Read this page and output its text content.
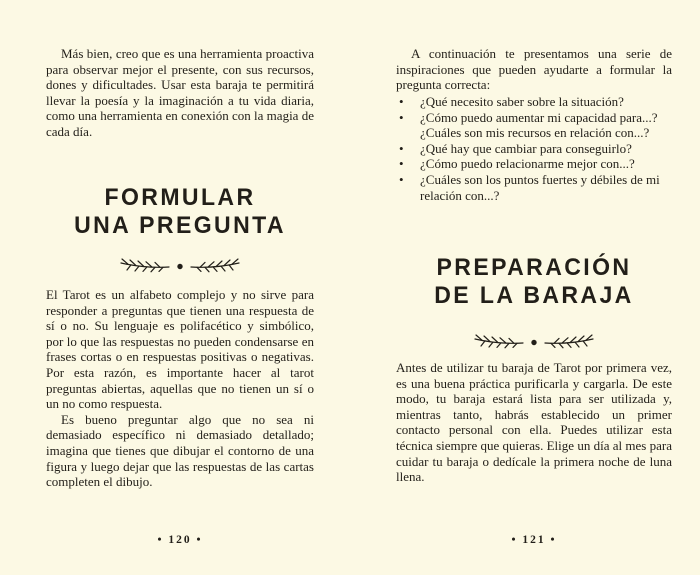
Más bien, creo que es una herramienta proactiva para observar mejor el presente, con sus recursos, dones y dificultades. Usar esta baraja te permitirá llevar la poesía y la imaginación a tu vida diaria, como una herramienta en conexión con la magia de cada día.

FORMULAR
UNA PREGUNTA

El Tarot es un alfabeto complejo y no sirve para responder a preguntas que tienen una respuesta de sí o no. Su lenguaje es polifacético y simbólico, por lo que las respuestas no pueden condensarse en frases cortas o en respuestas positivas o negativas. Por esta razón, es importante hacer al tarot preguntas abiertas, aquellas que no tienen un sí o un no como respuesta.

Es bueno preguntar algo que no sea ni demasiado específico ni demasiado detallado; imagina que tienes que dibujar el contorno de una figura y luego dejar que las respuestas de las cartas completen el dibujo.

• 120 •

A continuación te presentamos una serie de inspiraciones que pueden ayudarte a formular la pregunta correcta:

•	¿Qué necesito saber sobre la situación?
•	¿Cómo puedo aumentar mi capacidad para...? ¿Cuáles son mis recursos en relación con...?
•	¿Qué hay que cambiar para conseguirlo?
•	¿Cómo puedo relacionarme mejor con...?
•	¿Cuáles son los puntos fuertes y débiles de mi relación con...?
PREPARACIÓN
DE LA BARAJA

Antes de utilizar tu baraja de Tarot por primera vez, es una buena práctica purificarla y cargarla. De este modo, tu baraja estará lista para ser utilizada y, mientras tanto, habrás establecido un primer contacto personal con ella. Puedes utilizar esta técnica siempre que quieras. Elige un día al mes para cuidar tu baraja o dedícale la primera noche de luna llena.

• 121 •
